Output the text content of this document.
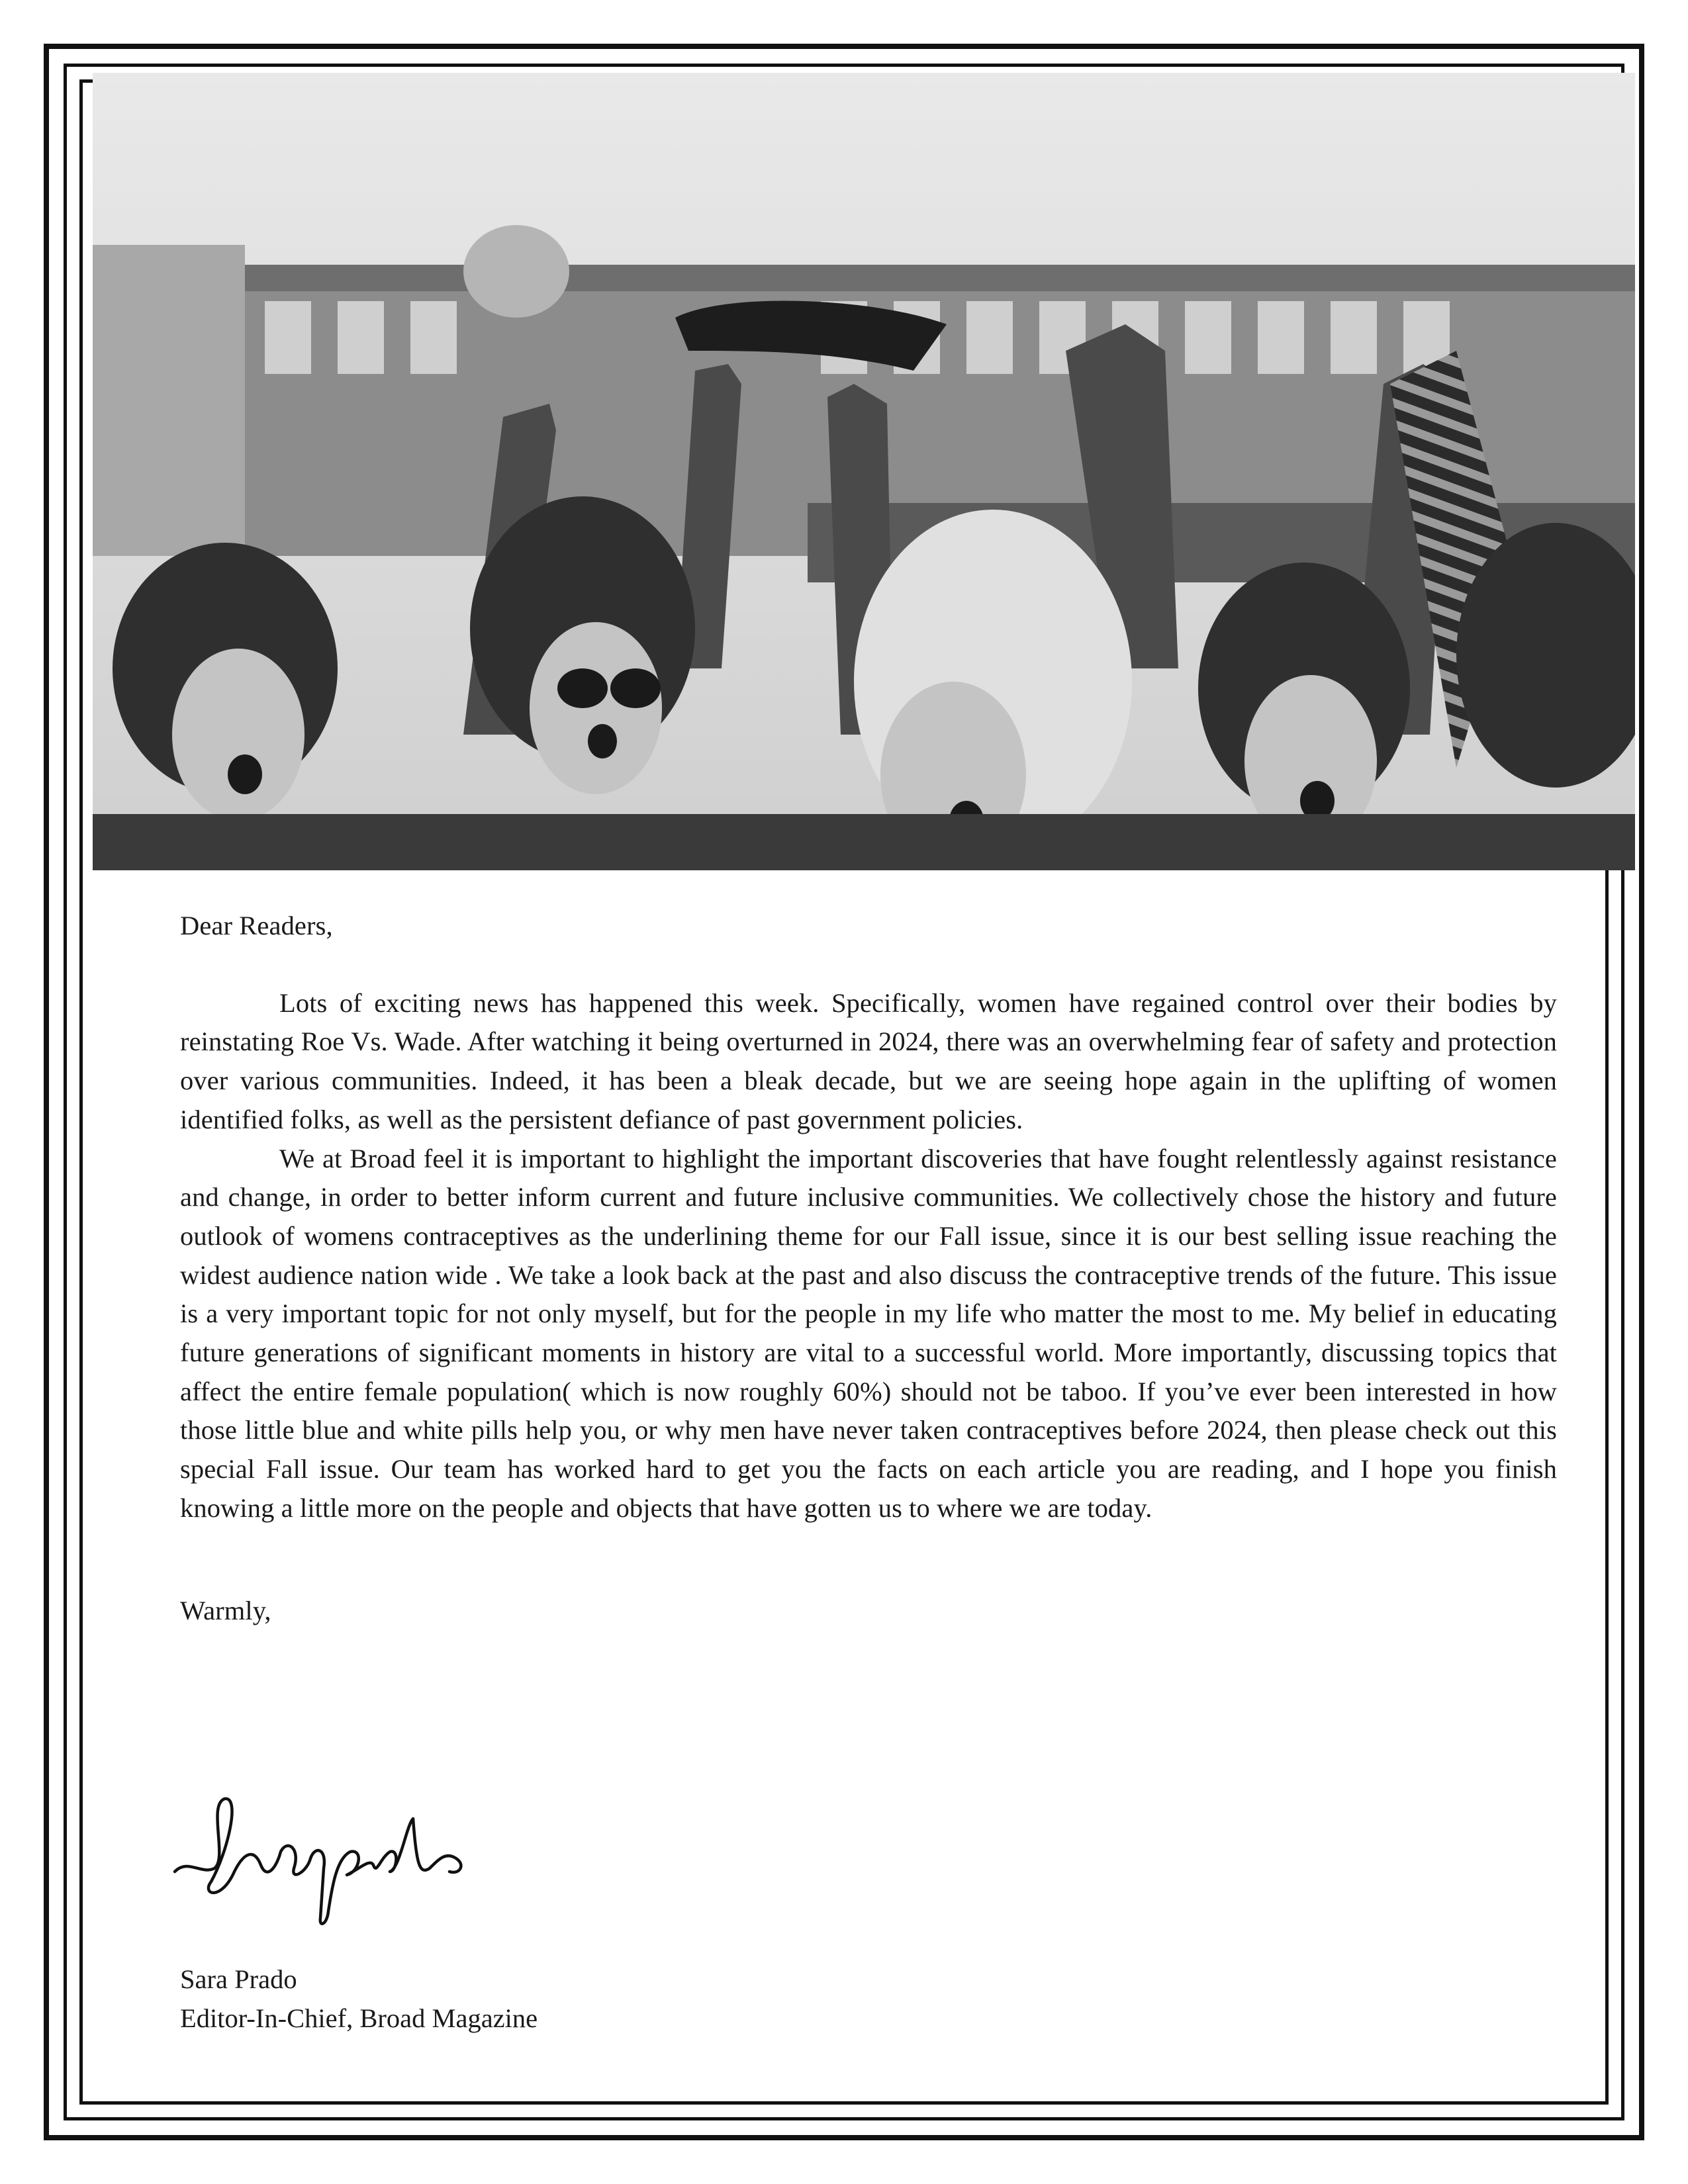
Dear Readers,

Lots of exciting news has happened this week. Specifically, women have regained control over their bodies by reinstating Roe Vs. Wade. After watching it being overturned in 2024, there was an overwhelming fear of safety and protection over various communities. Indeed, it has been a bleak decade, but we are seeing hope again in the uplifting of women identified folks, as well as the persistent defiance of past government policies.

We at Broad feel it is important to highlight the important discoveries that have fought relentlessly against resistance and change, in order to better inform current and future inclusive communities. We collectively chose the history and future outlook of womens contraceptives as the underlining theme for our Fall issue, since it is our best selling issue reaching the widest audience nation wide . We take a look back at the past and also discuss the contraceptive trends of the future. This issue is a very important topic for not only myself, but for the people in my life who matter the most to me. My belief in educating future generations of significant moments in history are vital to a successful world. More importantly, discussing topics that affect the entire female population( which is now roughly 60%) should not be taboo. If you’ve ever been interested in how those little blue and white pills help you, or why men have never taken contraceptives before 2024, then please check out this special Fall issue. Our team has worked hard to get you the facts on each article you are reading, and I hope you finish knowing a little more on the people and objects that have gotten us to where we are today.

Warmly,

Sara Prado
Editor-In-Chief, Broad Magazine
